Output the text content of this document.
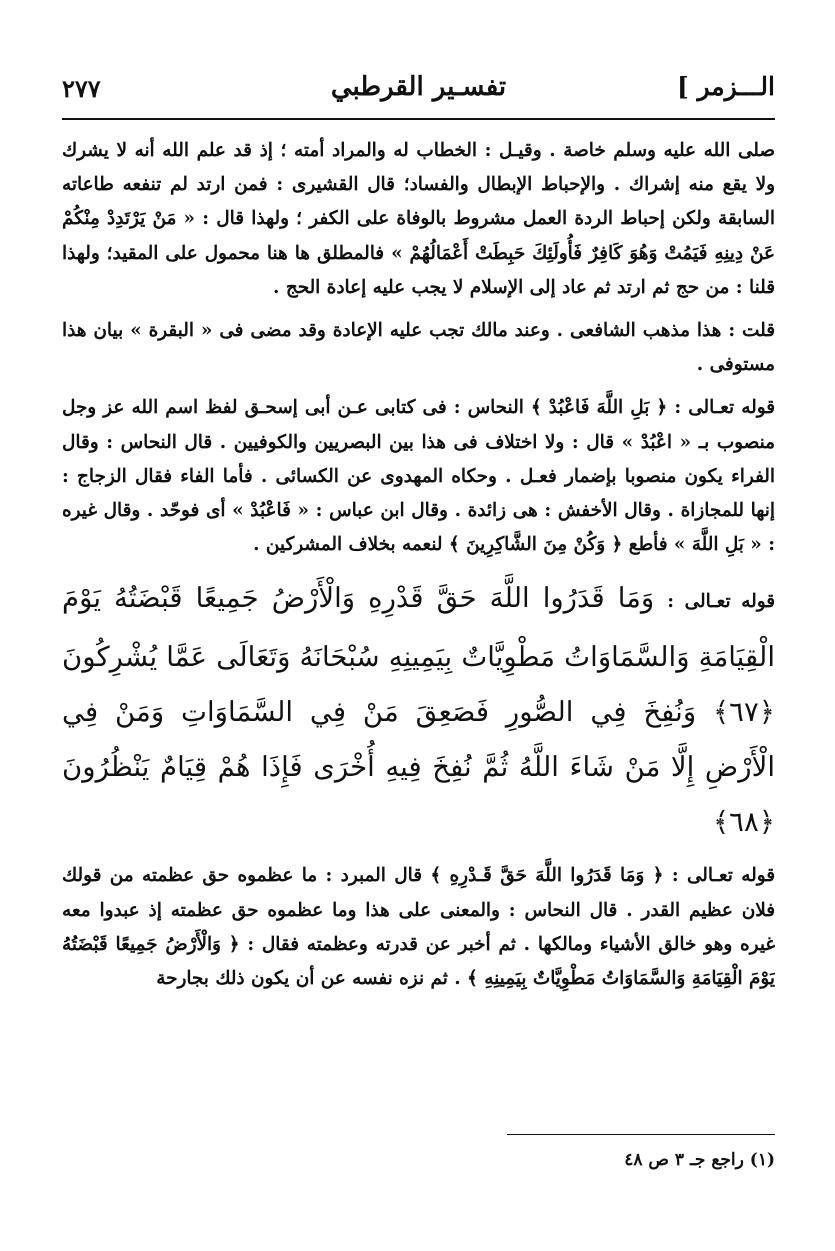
الـــزمر ]
تفسـير القرطبي
٢٧٧

صلى الله عليه وسلم خاصة . وقيـل : الخطاب له والمراد أمته ؛ إذ قد علم الله أنه لا يشرك ولا يقع منه إشراك . والإحباط الإبطال والفساد؛ قال القشيرى : فمن ارتد لم تنفعه طاعاته السابقة ولكن إحباط الردة العمل مشروط بالوفاة على الكفر ؛ ولهذا قال : « مَنْ يَرْتَدِدْ مِنْكُمْ عَنْ دِينِهِ فَيَمُتْ وَهُوَ كَافِرٌ فَأُولَئِكَ حَبِطَتْ أَعْمَالُهُمْ » فالمطلق ها هنا محمول على المقيد؛ ولهذا قلنا : من حج ثم ارتد ثم عاد إلى الإسلام لا يجب عليه إعادة الحج .

قلت : هذا مذهب الشافعى . وعند مالك تجب عليه الإعادة وقد مضى فى « البقرة » بيان هذا مستوفى .

قوله تعـالى : ﴿ بَلِ اللَّهَ فَاعْبُدْ ﴾ النحاس : فى كتابى عـن أبى إسحـق لفظ اسم الله عز وجل منصوب بـ « اعْبُدْ » قال : ولا اختلاف فى هذا بين البصريين والكوفيين . قال النحاس : وقال الفراء يكون منصوبا بإضمار فعـل . وحكاه المهدوى عن الكسائى . فأما الفاء فقال الزجاج : إنها للمجازاة . وقال الأخفش : هى زائدة . وقال ابن عباس : « فَاعْبُدْ » أى فوحّد . وقال غيره : « بَلِ اللَّهَ » فأطع ﴿ وَكُنْ مِنَ الشَّاكِرِينَ ﴾ لنعمه بخلاف المشركين .

قوله تعـالى : وَمَا قَدَرُوا اللَّهَ حَقَّ قَدْرِهِ وَالْأَرْضُ جَمِيعًا قَبْضَتُهُ يَوْمَ الْقِيَامَةِ وَالسَّمَاوَاتُ مَطْوِيَّاتٌ بِيَمِينِهِ سُبْحَانَهُ وَتَعَالَى عَمَّا يُشْرِكُونَ ﴿٦٧﴾ وَنُفِخَ فِي الصُّورِ فَصَعِقَ مَنْ فِي السَّمَاوَاتِ وَمَنْ فِي الْأَرْضِ إِلَّا مَنْ شَاءَ اللَّهُ ثُمَّ نُفِخَ فِيهِ أُخْرَى فَإِذَا هُمْ قِيَامٌ يَنْظُرُونَ ﴿٦٨﴾

قوله تعـالى : ﴿ وَمَا قَدَرُوا اللَّهَ حَقَّ قَـدْرِهِ ﴾ قال المبرد : ما عظموه حق عظمته من قولك فلان عظيم القدر . قال النحاس : والمعنى على هذا وما عظموه حق عظمته إذ عبدوا معه غيره وهو خالق الأشياء ومالكها . ثم أخبر عن قدرته وعظمته فقال : ﴿ وَالْأَرْضُ جَمِيعًا قَبْضَتُهُ يَوْمَ الْقِيَامَةِ وَالسَّمَاوَاتُ مَطْوِيَّاتٌ بِيَمِينِهِ ﴾ . ثم نزه نفسه عن أن يكون ذلك بجارحة

(١) راجع جـ ٣ ص ٤٨
